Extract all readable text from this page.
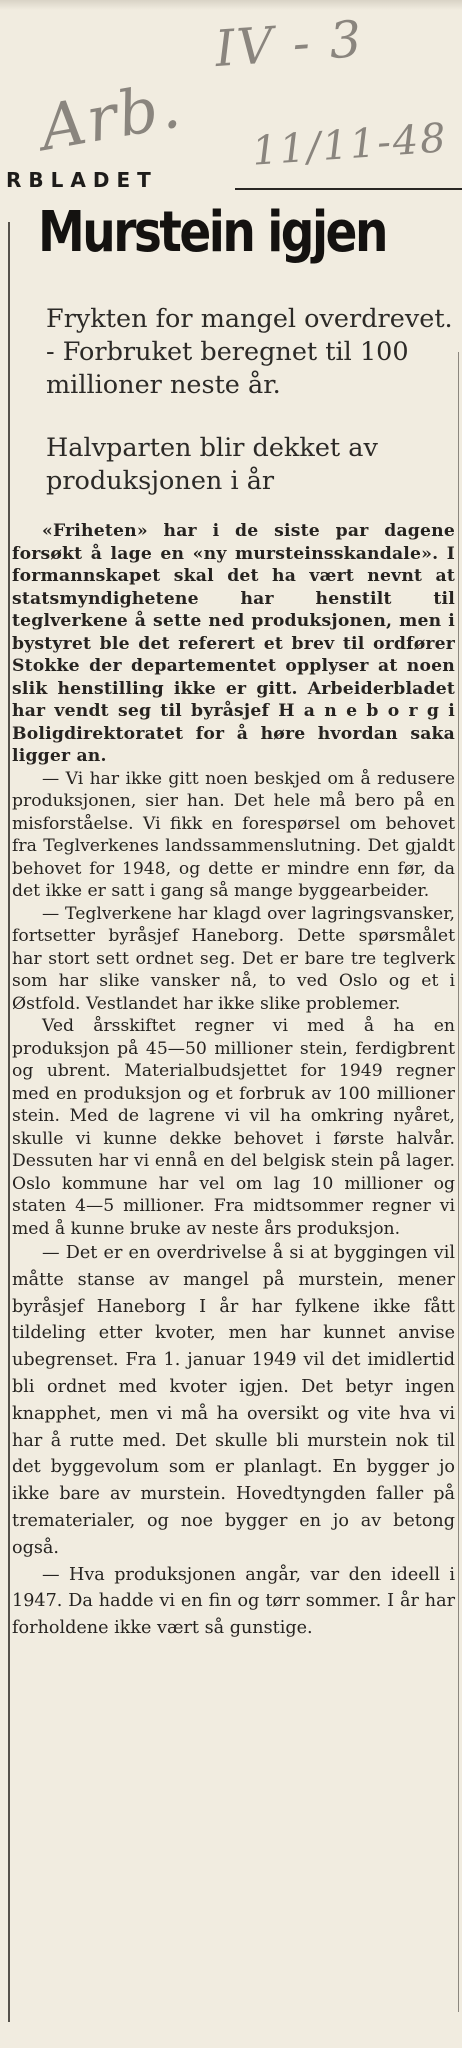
IV - 3
Arb. 11/11-48
RBLADET
Murstein igjen
Frykten for mangel overdrevet. - Forbruket beregnet til 100 millioner neste år.
Halvparten blir dekket av produksjonen i år

«Friheten» har i de siste par dagene forsøkt å lage en «ny mursteinsskandale». I formannskapet skal det ha vært nevnt at statsmyndighetene har henstilt til teglverkene å sette ned produksjonen, men i bystyret ble det referert et brev til ordfører Stokke der departementet opplyser at noen slik henstilling ikke er gitt. Arbeiderbladet har vendt seg til byråsjef H a n e b o r g i Boligdirektoratet for å høre hvordan saka ligger an.

— Vi har ikke gitt noen beskjed om å redusere produksjonen, sier han. Det hele må bero på en misforståelse. Vi fikk en forespørsel om behovet fra Teglverkenes landssammenslutning. Det gjaldt behovet for 1948, og dette er mindre enn før, da det ikke er satt i gang så mange byggearbeider.

— Teglverkene har klagd over lagringsvansker, fortsetter byråsjef Haneborg. Dette spørsmålet har stort sett ordnet seg. Det er bare tre teglverk som har slike vansker nå, to ved Oslo og et i Østfold. Vestlandet har ikke slike problemer.

Ved årsskiftet regner vi med å ha en produksjon på 45—50 millioner stein, ferdigbrent og ubrent. Materialbudsjettet for 1949 regner med en produksjon og et forbruk av 100 millioner stein. Med de lagrene vi vil ha omkring nyåret, skulle vi kunne dekke behovet i første halvår. Dessuten har vi ennå en del belgisk stein på lager. Oslo kommune har vel om lag 10 millioner og staten 4—5 millioner. Fra midtsommer regner vi med å kunne bruke av neste års produksjon.

— Det er en overdrivelse å si at byggingen vil måtte stanse av mangel på murstein, mener byråsjef Haneborg I år har fylkene ikke fått tildeling etter kvoter, men har kunnet anvise ubegrenset. Fra 1. januar 1949 vil det imidlertid bli ordnet med kvoter igjen. Det betyr ingen knapphet, men vi må ha oversikt og vite hva vi har å rutte med. Det skulle bli murstein nok til det byggevolum som er planlagt. En bygger jo ikke bare av murstein. Hovedtyngden faller på trematerialer, og noe bygger en jo av betong også.

— Hva produksjonen angår, var den ideell i 1947. Da hadde vi en fin og tørr sommer. I år har forholdene ikke vært så gunstige.
